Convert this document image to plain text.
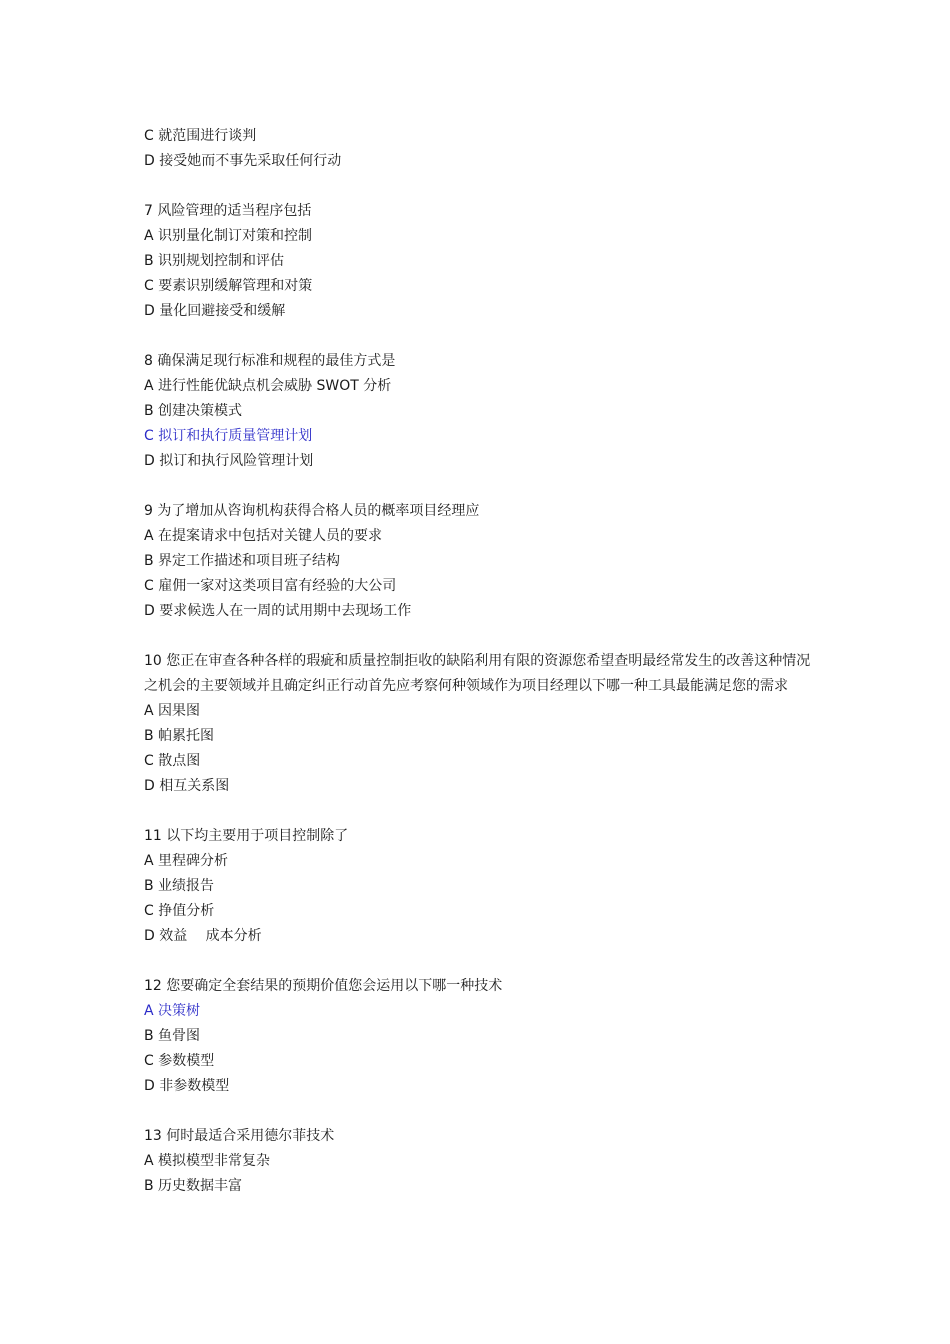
C 就范围进行谈判
D 接受她而不事先采取任何行动
7 风险管理的适当程序包括
A 识别量化制订对策和控制
B 识别规划控制和评估
C 要素识别缓解管理和对策
D 量化回避接受和缓解
8 确保满足现行标准和规程的最佳方式是
A 进行性能优缺点机会威胁 SWOT 分析
B 创建决策模式
C 拟订和执行质量管理计划
D 拟订和执行风险管理计划
9 为了增加从咨询机构获得合格人员的概率项目经理应
A 在提案请求中包括对关键人员的要求
B 界定工作描述和项目班子结构
C 雇佣一家对这类项目富有经验的大公司
D 要求候选人在一周的试用期中去现场工作
10 您正在审查各种各样的瑕疵和质量控制拒收的缺陷利用有限的资源您希望查明最经常发生的改善这种情况之机会的主要领域并且确定纠正行动首先应考察何种领域作为项目经理以下哪一种工具最能满足您的需求
A 因果图
B 帕累托图
C 散点图
D 相互关系图
11 以下均主要用于项目控制除了
A 里程碑分析
B 业绩报告
C 挣值分析
D 效益　 成本分析
12 您要确定全套结果的预期价值您会运用以下哪一种技术
A 决策树
B 鱼骨图
C 参数模型
D 非参数模型
13 何时最适合采用德尔菲技术
A 模拟模型非常复杂
B 历史数据丰富
